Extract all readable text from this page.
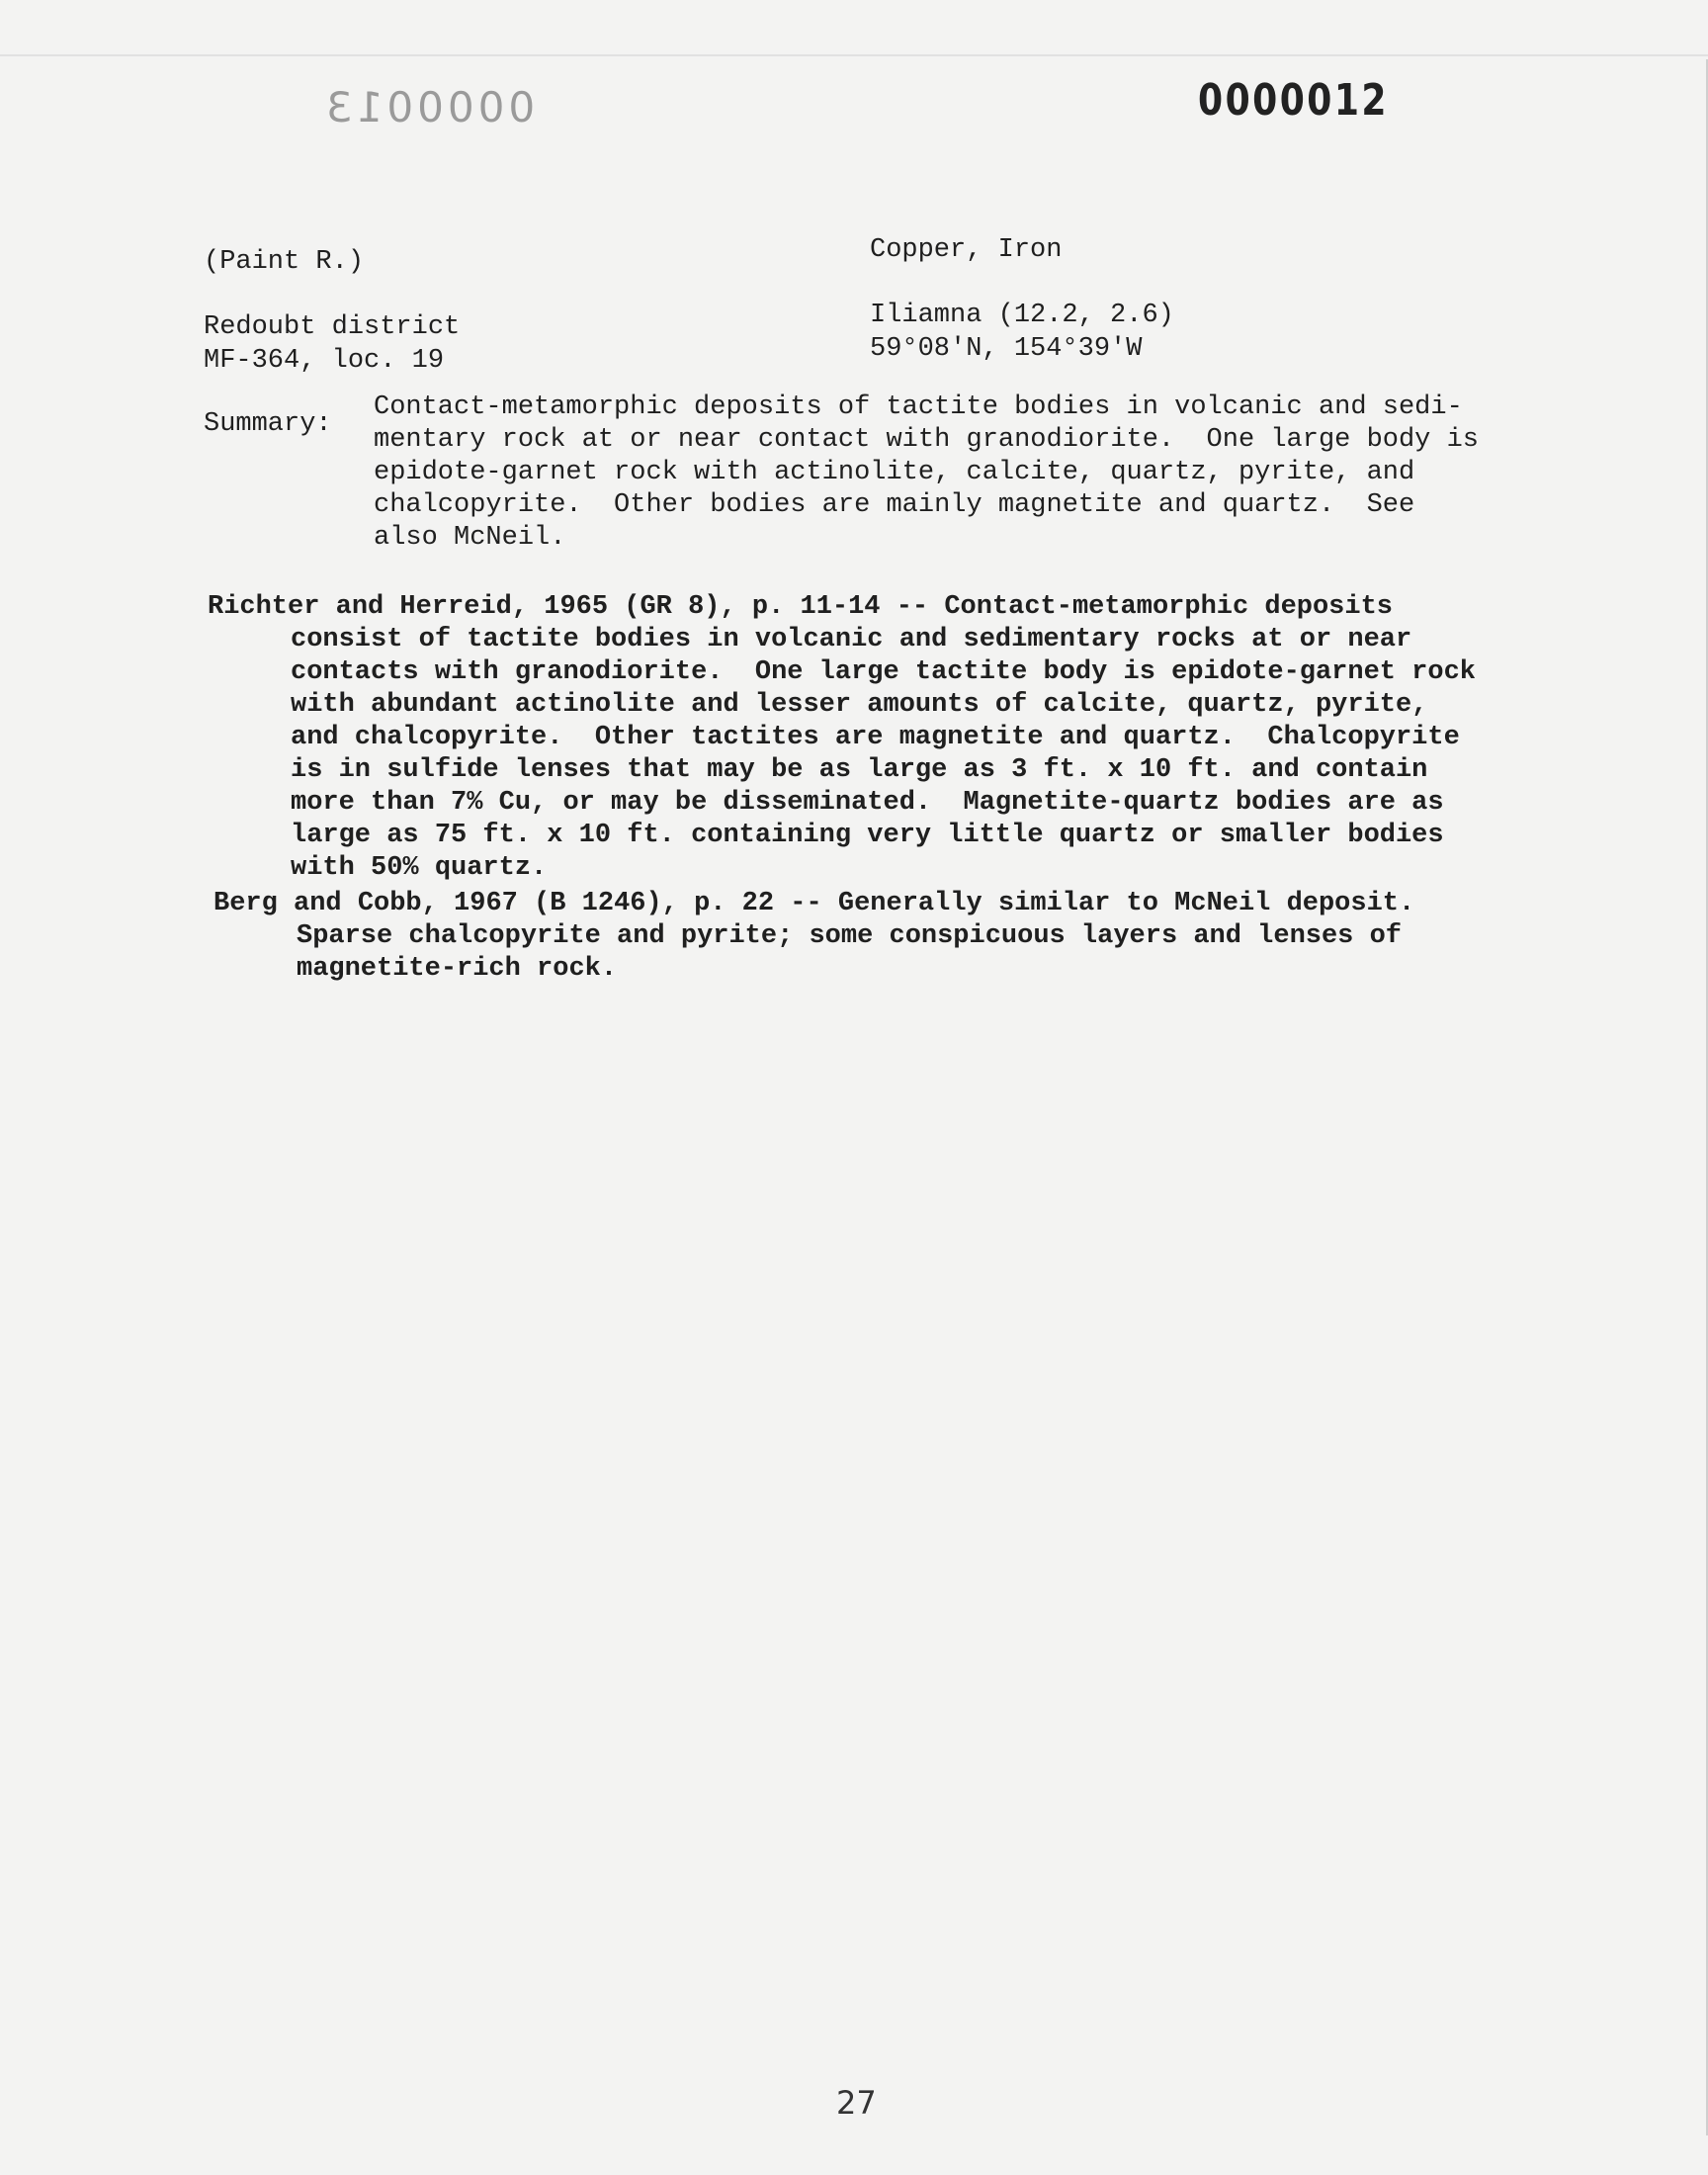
0000013	0000012
(Paint R.)
Redoubt district
MF-364, loc. 19
Copper, Iron
Iliamna (12.2, 2.6)
59°08'N, 154°39'W
Summary:
Contact-metamorphic deposits of tactite bodies in volcanic and sedi-
mentary rock at or near contact with granodiorite.  One large body is
epidote-garnet rock with actinolite, calcite, quartz, pyrite, and
chalcopyrite.  Other bodies are mainly magnetite and quartz.  See
also McNeil.
Richter and Herreid, 1965 (GR 8), p. 11-14 -- Contact-metamorphic deposits
consist of tactite bodies in volcanic and sedimentary rocks at or near
contacts with granodiorite.  One large tactite body is epidote-garnet rock
with abundant actinolite and lesser amounts of calcite, quartz, pyrite,
and chalcopyrite.  Other tactites are magnetite and quartz.  Chalcopyrite
is in sulfide lenses that may be as large as 3 ft. x 10 ft. and contain
more than 7% Cu, or may be disseminated.  Magnetite-quartz bodies are as
large as 75 ft. x 10 ft. containing very little quartz or smaller bodies
with 50% quartz.
Berg and Cobb, 1967 (B 1246), p. 22 -- Generally similar to McNeil deposit.
Sparse chalcopyrite and pyrite; some conspicuous layers and lenses of
magnetite-rich rock.
27
